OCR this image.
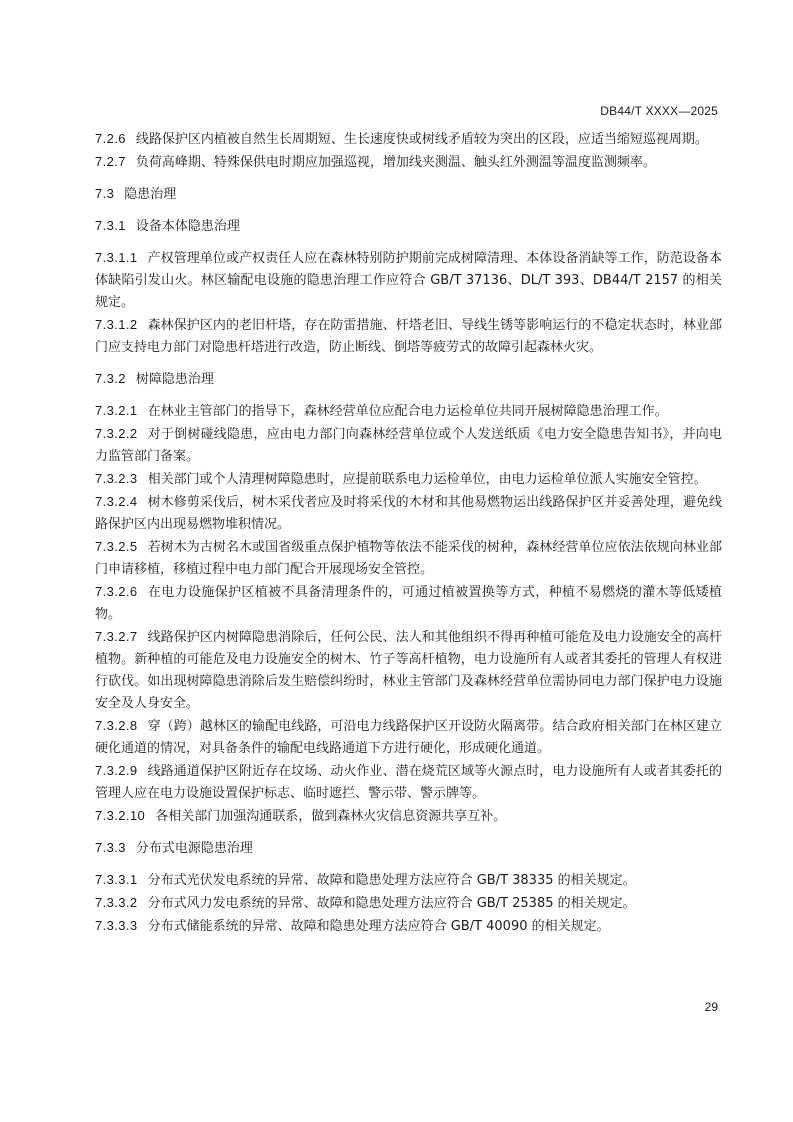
DB44/T XXXX—2025

7.2.6 线路保护区内植被自然生长周期短、生长速度快或树线矛盾较为突出的区段，应适当缩短巡视周期。

7.2.7 负荷高峰期、特殊保供电时期应加强巡视，增加线夹测温、触头红外测温等温度监测频率。

7.3 隐患治理

7.3.1 设备本体隐患治理

7.3.1.1 产权管理单位或产权责任人应在森林特别防护期前完成树障清理、本体设备消缺等工作，防范设备本体缺陷引发山火。林区输配电设施的隐患治理工作应符合 GB/T 37136、DL/T 393、DB44/T 2157 的相关规定。

7.3.1.2 森林保护区内的老旧杆塔，存在防雷措施、杆塔老旧、导线生锈等影响运行的不稳定状态时，林业部门应支持电力部门对隐患杆塔进行改造，防止断线、倒塔等疲劳式的故障引起森林火灾。

7.3.2 树障隐患治理

7.3.2.1 在林业主管部门的指导下，森林经营单位应配合电力运检单位共同开展树障隐患治理工作。

7.3.2.2 对于倒树碰线隐患，应由电力部门向森林经营单位或个人发送纸质《电力安全隐患告知书》，并向电力监管部门备案。

7.3.2.3 相关部门或个人清理树障隐患时，应提前联系电力运检单位，由电力运检单位派人实施安全管控。

7.3.2.4 树木修剪采伐后，树木采伐者应及时将采伐的木材和其他易燃物运出线路保护区并妥善处理，避免线路保护区内出现易燃物堆积情况。

7.3.2.5 若树木为古树名木或国省级重点保护植物等依法不能采伐的树种，森林经营单位应依法依规向林业部门申请移植，移植过程中电力部门配合开展现场安全管控。

7.3.2.6 在电力设施保护区植被不具备清理条件的，可通过植被置换等方式，种植不易燃烧的灌木等低矮植物。

7.3.2.7 线路保护区内树障隐患消除后，任何公民、法人和其他组织不得再种植可能危及电力设施安全的高杆植物。新种植的可能危及电力设施安全的树木、竹子等高杆植物，电力设施所有人或者其委托的管理人有权进行砍伐。如出现树障隐患消除后发生赔偿纠纷时，林业主管部门及森林经营单位需协同电力部门保护电力设施安全及人身安全。

7.3.2.8 穿（跨）越林区的输配电线路，可沿电力线路保护区开设防火隔离带。结合政府相关部门在林区建立硬化通道的情况，对具备条件的输配电线路通道下方进行硬化，形成硬化通道。

7.3.2.9 线路通道保护区附近存在坟场、动火作业、潜在烧荒区域等火源点时，电力设施所有人或者其委托的管理人应在电力设施设置保护标志、临时遮拦、警示带、警示牌等。

7.3.2.10 各相关部门加强沟通联系，做到森林火灾信息资源共享互补。

7.3.3 分布式电源隐患治理

7.3.3.1 分布式光伏发电系统的异常、故障和隐患处理方法应符合 GB/T 38335 的相关规定。

7.3.3.2 分布式风力发电系统的异常、故障和隐患处理方法应符合 GB/T 25385 的相关规定。

7.3.3.3 分布式储能系统的异常、故障和隐患处理方法应符合 GB/T 40090 的相关规定。

29
